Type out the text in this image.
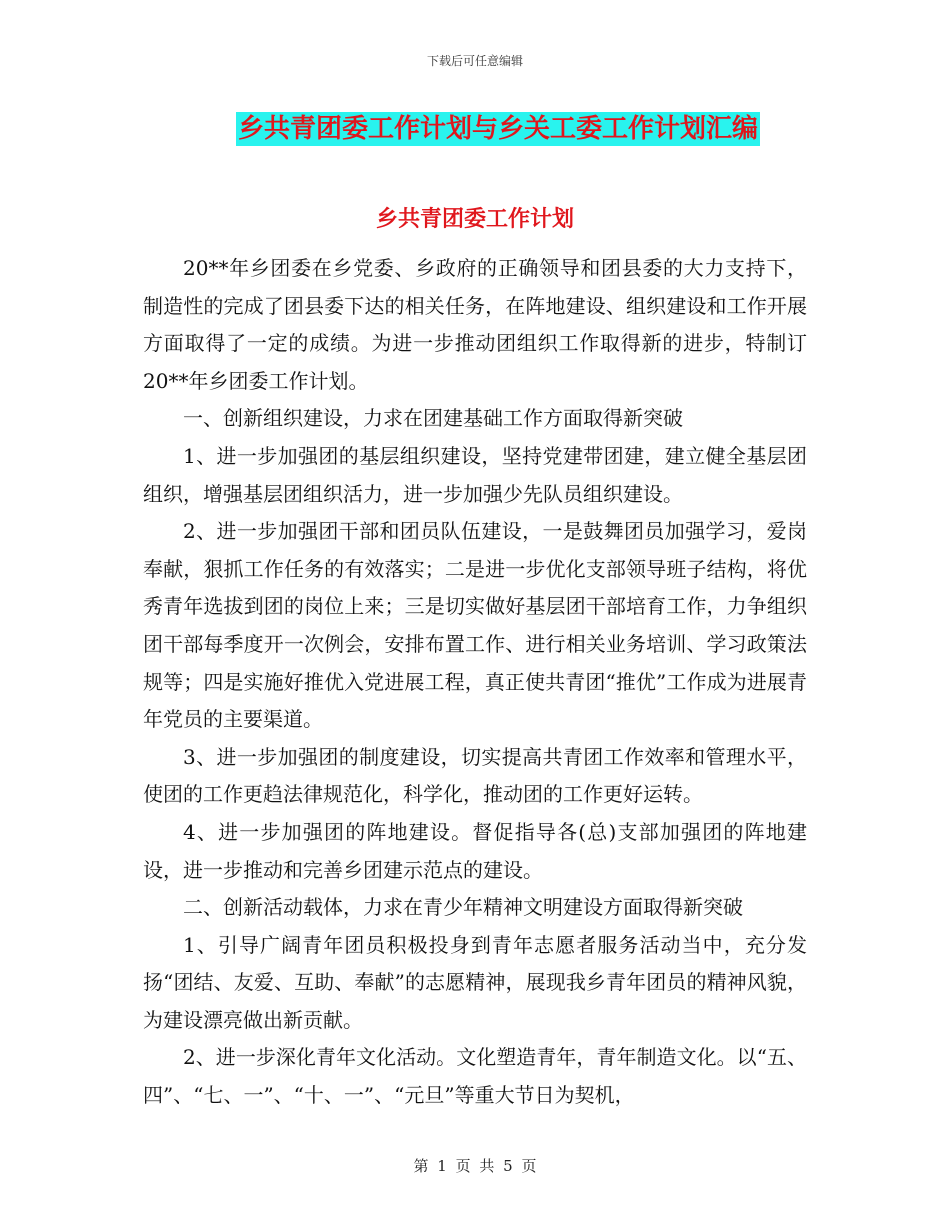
下载后可任意编辑
乡共青团委工作计划与乡关工委工作计划汇编
乡共青团委工作计划

20**年乡团委在乡党委、乡政府的正确领导和团县委的大力支持下，制造性的完成了团县委下达的相关任务，在阵地建设、组织建设和工作开展方面取得了一定的成绩。为进一步推动团组织工作取得新的进步，特制订20**年乡团委工作计划。

一、创新组织建设，力求在团建基础工作方面取得新突破

1、进一步加强团的基层组织建设，坚持党建带团建，建立健全基层团组织，增强基层团组织活力，进一步加强少先队员组织建设。

2、进一步加强团干部和团员队伍建设，一是鼓舞团员加强学习，爱岗奉献，狠抓工作任务的有效落实；二是进一步优化支部领导班子结构，将优秀青年选拔到团的岗位上来；三是切实做好基层团干部培育工作，力争组织团干部每季度开一次例会，安排布置工作、进行相关业务培训、学习政策法规等；四是实施好推优入党进展工程，真正使共青团“推优”工作成为进展青年党员的主要渠道。

3、进一步加强团的制度建设，切实提高共青团工作效率和管理水平，使团的工作更趋法律规范化，科学化，推动团的工作更好运转。

4、进一步加强团的阵地建设。督促指导各(总)支部加强团的阵地建设，进一步推动和完善乡团建示范点的建设。

二、创新活动载体，力求在青少年精神文明建设方面取得新突破

1、引导广阔青年团员积极投身到青年志愿者服务活动当中，充分发扬“团结、友爱、互助、奉献”的志愿精神，展现我乡青年团员的精神风貌，为建设漂亮做出新贡献。

2、进一步深化青年文化活动。文化塑造青年，青年制造文化。以“五、四”、“七、一”、“十、一”、“元旦”等重大节日为契机，

第 1 页 共 5 页
